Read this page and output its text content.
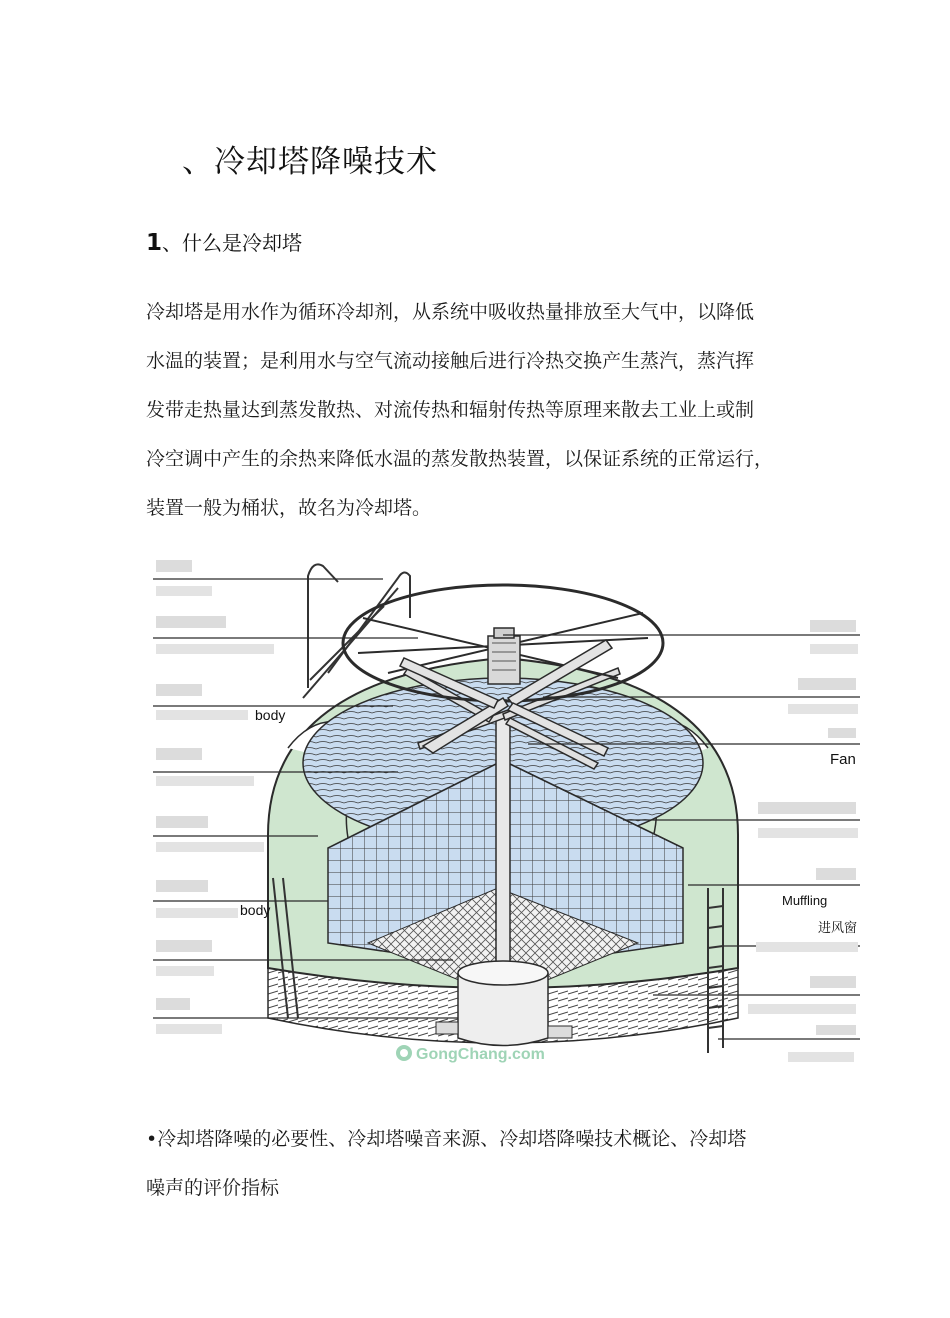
、冷却塔降噪技术
1、什么是冷却塔
冷却塔是用水作为循环冷却剂，从系统中吸收热量排放至大气中，以降低
水温的装置；是利用水与空气流动接触后进行冷热交换产生蒸汽，蒸汽挥
发带走热量达到蒸发散热、对流传热和辐射传热等原理来散去工业上或制
冷空调中产生的余热来降低水温的蒸发散热装置，以保证系统的正常运行，
装置一般为桶状，故名为冷却塔。
body
body
Fan
Muffling
进风窗
GongChang.com
•冷却塔降噪的必要性、冷却塔噪音来源、冷却塔降噪技术概论、冷却塔
噪声的评价指标
